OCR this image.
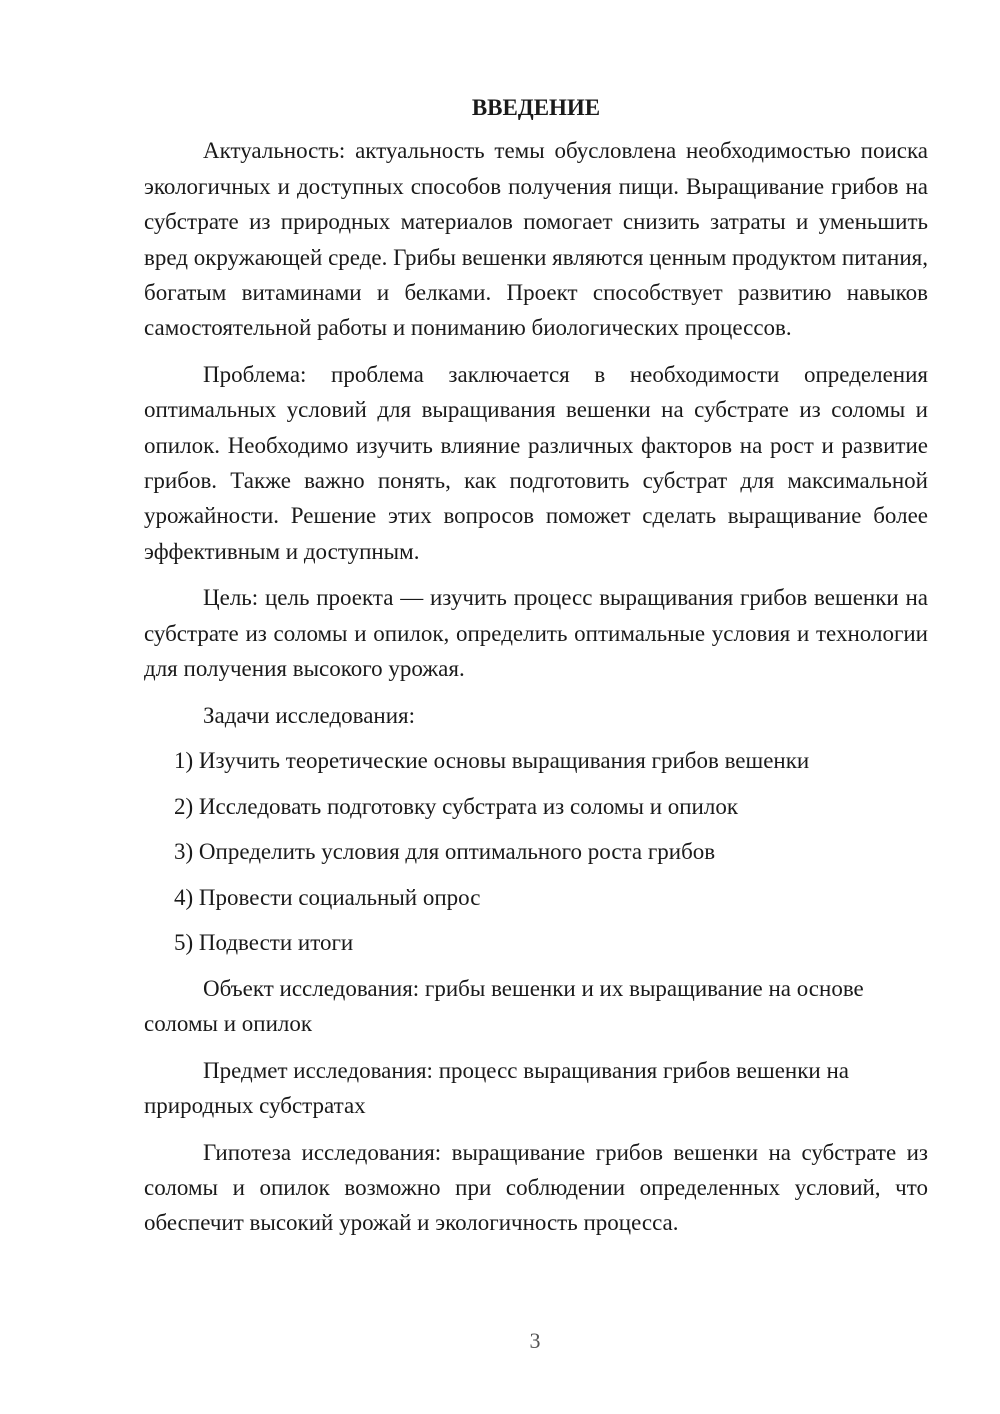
ВВЕДЕНИЕ

Актуальность: актуальность темы обусловлена необходимостью поиска экологичных и доступных способов получения пищи. Выращивание грибов на субстрате из природных материалов помогает снизить затраты и уменьшить вред окружающей среде. Грибы вешенки являются ценным продуктом питания, богатым витаминами и белками. Проект способствует развитию навыков самостоятельной работы и пониманию биологических процессов.

Проблема: проблема заключается в необходимости определения оптимальных условий для выращивания вешенки на субстрате из соломы и опилок. Необходимо изучить влияние различных факторов на рост и развитие грибов. Также важно понять, как подготовить субстрат для максимальной урожайности. Решение этих вопросов поможет сделать выращивание более эффективным и доступным.

Цель: цель проекта — изучить процесс выращивания грибов вешенки на субстрате из соломы и опилок, определить оптимальные условия и технологии для получения высокого урожая.

Задачи исследования:

1) Изучить теоретические основы выращивания грибов вешенки
2) Исследовать подготовку субстрата из соломы и опилок
3) Определить условия для оптимального роста грибов
4) Провести социальный опрос
5) Подвести итоги

Объект исследования: грибы вешенки и их выращивание на основе соломы и опилок

Предмет исследования: процесс выращивания грибов вешенки на природных субстратах

Гипотеза исследования: выращивание грибов вешенки на субстрате из соломы и опилок возможно при соблюдении определенных условий, что обеспечит высокий урожай и экологичность процесса.

3
